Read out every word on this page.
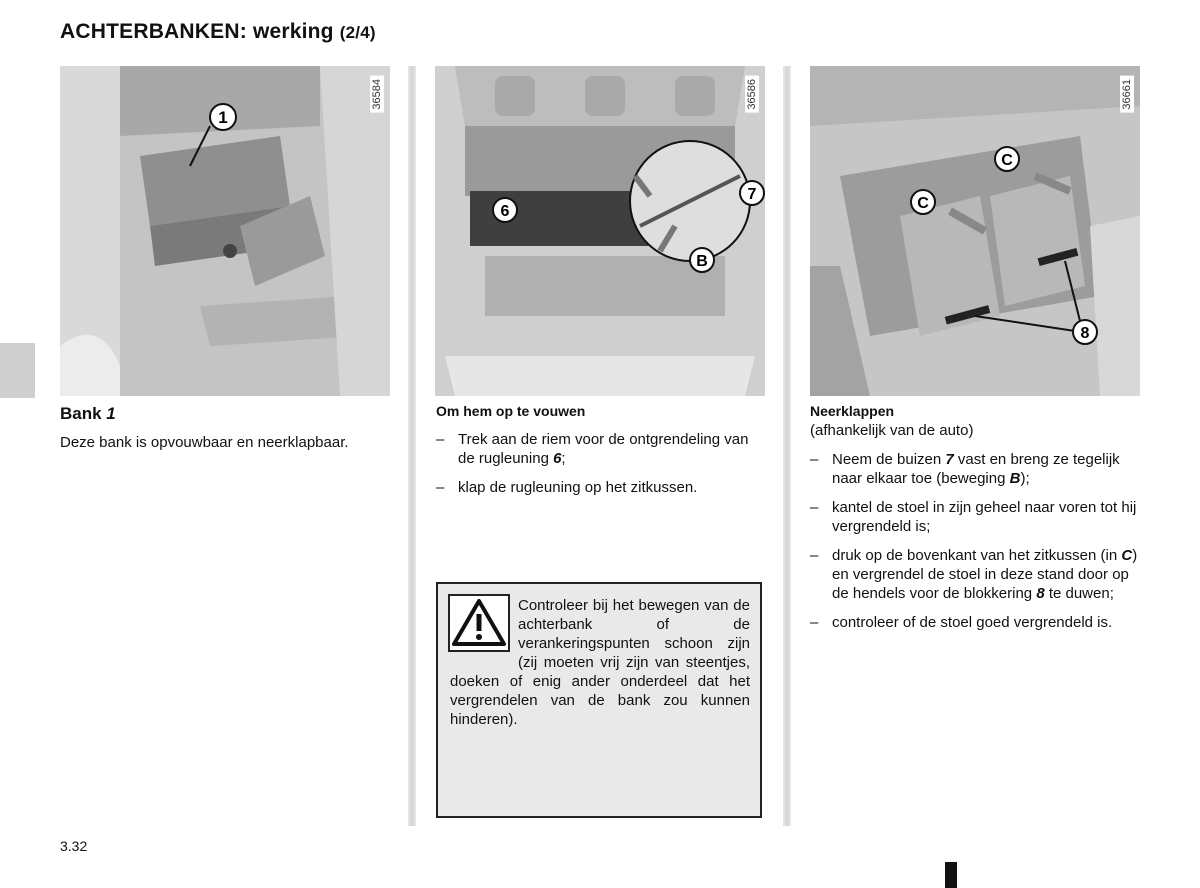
ACHTERBANKEN: werking (2/4)
1
36584
6
7
B
36586
C
C
8
36661
Bank 1
Deze bank is opvouwbaar en neerklapbaar.
Om hem op te vouwen
– Trek aan de riem voor de ontgrendeling van de rugleuning 6;
– klap de rugleuning op het zitkussen.
Controleer bij het bewegen van de achterbank of de verankeringspunten schoon zijn (zij moeten vrij zijn van steentjes, doeken of enig ander onderdeel dat het vergrendelen van de bank zou kunnen hinderen).
Neerklappen
(afhankelijk van de auto)
– Neem de buizen 7 vast en breng ze tegelijk naar elkaar toe (beweging B);
– kantel de stoel in zijn geheel naar voren tot hij vergrendeld is;
– druk op de bovenkant van het zitkussen (in C) en vergrendel de stoel in deze stand door op de hendels voor de blokkering 8 te duwen;
– controleer of de stoel goed vergrendeld is.
3.32
